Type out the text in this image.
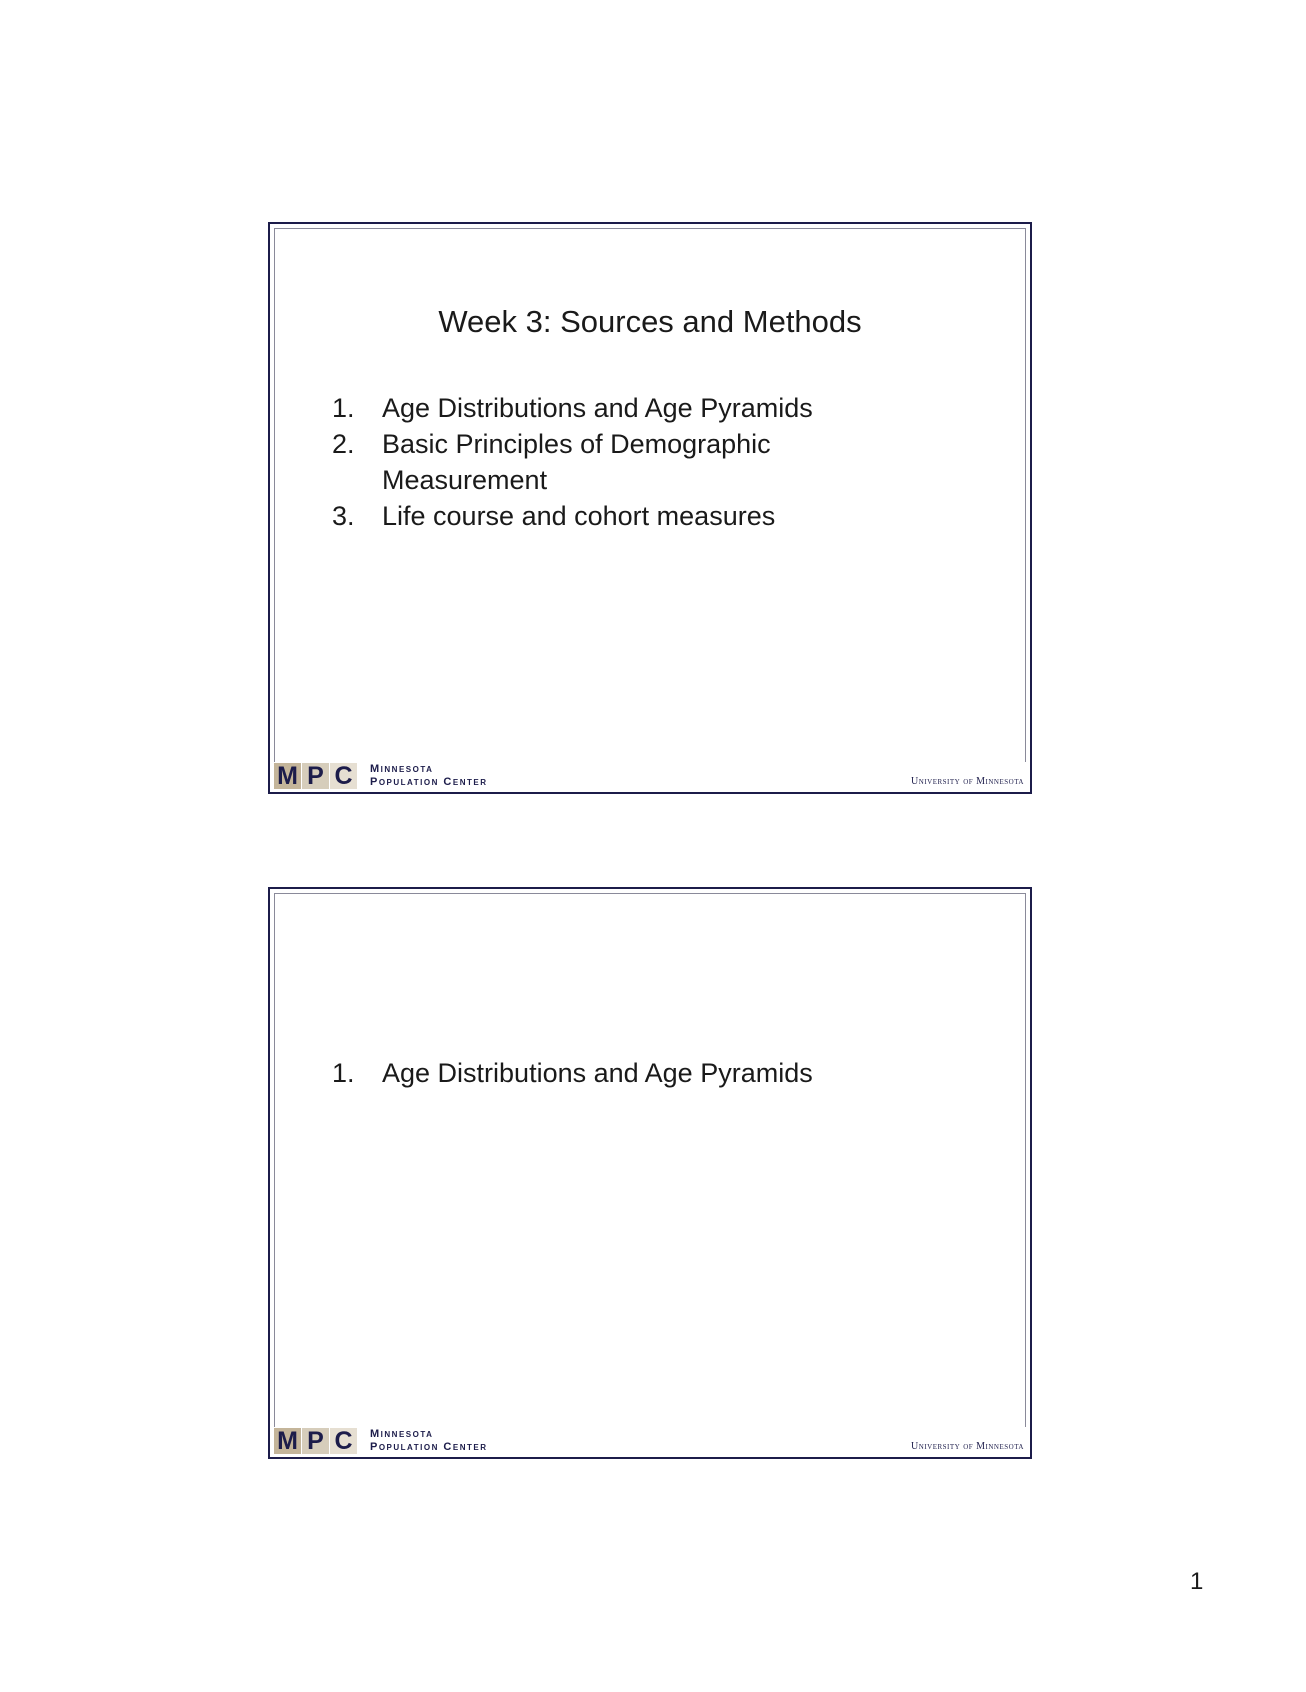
Week 3: Sources and Methods
1. Age Distributions and Age Pyramids
2. Basic Principles of Demographic Measurement
3. Life course and cohort measures
M P C	Minnesota
Population Center	University of Minnesota
1. Age Distributions and Age Pyramids
M P C	Minnesota
Population Center	University of Minnesota
1
